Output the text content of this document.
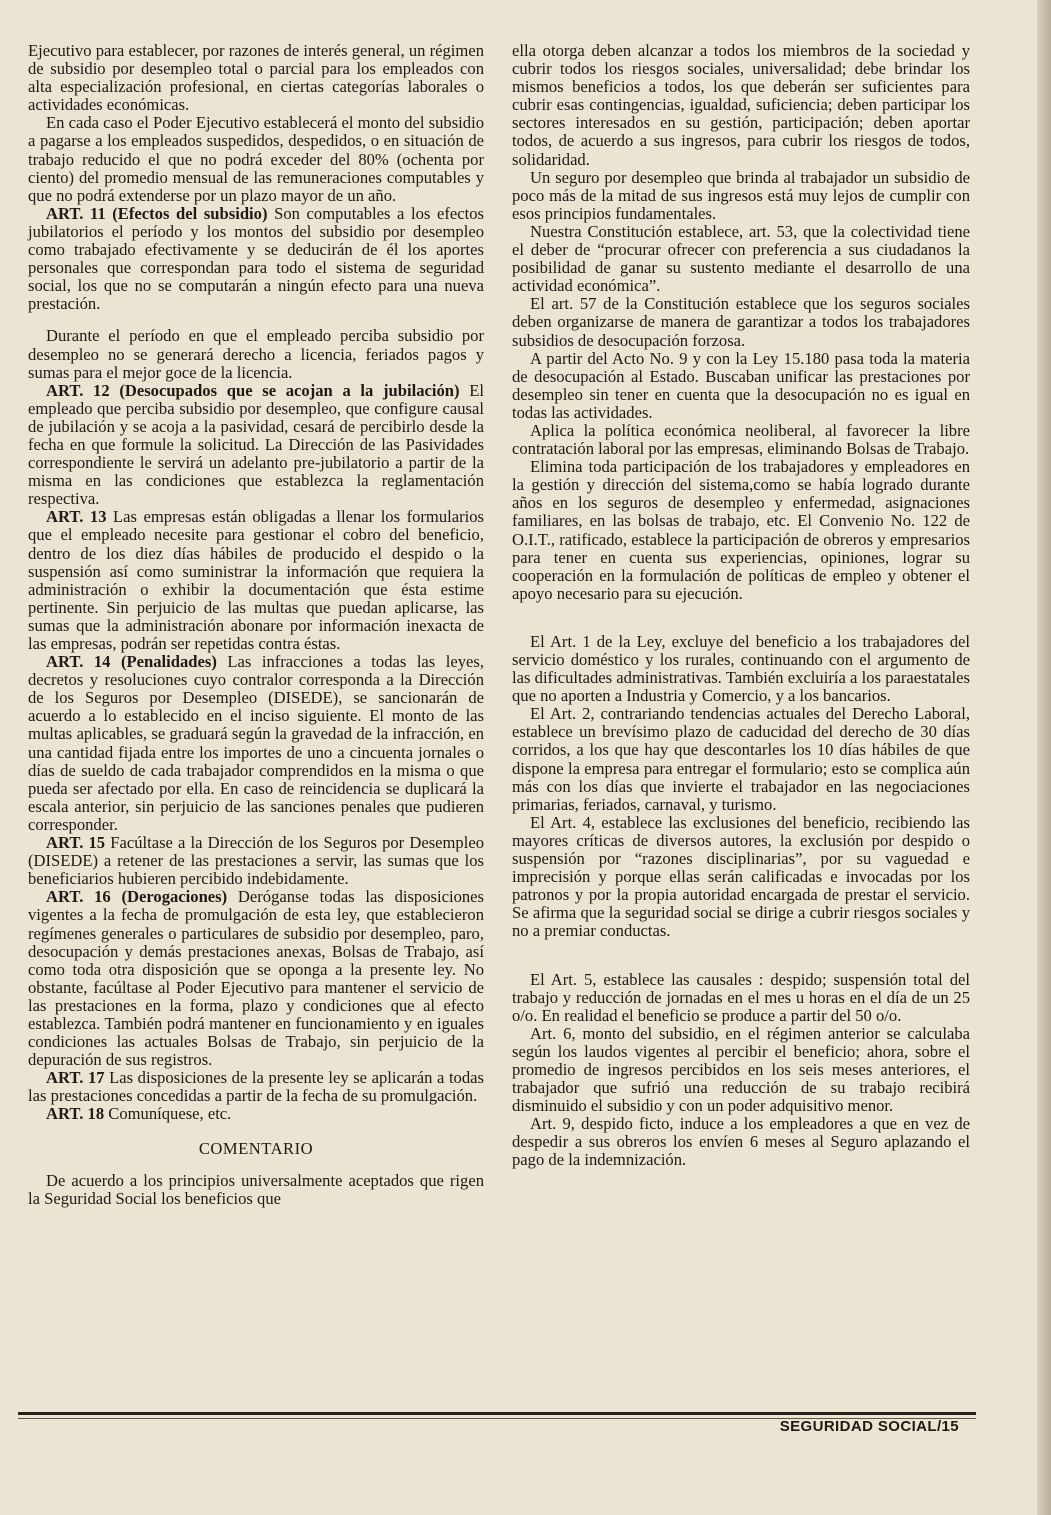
Ejecutivo para establecer, por razones de interés general, un régimen de subsidio por desempleo total o parcial para los empleados con alta especialización profesional, en ciertas categorías laborales o actividades económicas.

En cada caso el Poder Ejecutivo establecerá el monto del subsidio a pagarse a los empleados suspedidos, despedidos, o en situación de trabajo reducido el que no podrá exceder del 80% (ochenta por ciento) del promedio mensual de las remuneraciones computables y que no podrá extenderse por un plazo mayor de un año.

ART. 11 (Efectos del subsidio) Son computables a los efectos jubilatorios el período y los montos del subsidio por desempleo como trabajado efectivamente y se deducirán de él los aportes personales que correspondan para todo el sistema de seguridad social, los que no se computarán a ningún efecto para una nueva prestación.

Durante el período en que el empleado perciba subsidio por desempleo no se generará derecho a licencia, feriados pagos y sumas para el mejor goce de la licencia.

ART. 12 (Desocupados que se acojan a la jubilación) El empleado que perciba subsidio por desempleo, que configure causal de jubilación y se acoja a la pasividad, cesará de percibirlo desde la fecha en que formule la solicitud. La Dirección de las Pasividades correspondiente le servirá un adelanto pre-jubilatorio a partir de la misma en las condiciones que establezca la reglamentación respectiva.

ART. 13 Las empresas están obligadas a llenar los formularios que el empleado necesite para gestionar el cobro del beneficio, dentro de los diez días hábiles de producido el despido o la suspensión así como suministrar la información que requiera la administración o exhibir la documentación que ésta estime pertinente. Sin perjuicio de las multas que puedan aplicarse, las sumas que la administración abonare por información inexacta de las empresas, podrán ser repetidas contra éstas.

ART. 14 (Penalidades) Las infracciones a todas las leyes, decretos y resoluciones cuyo contralor corresponda a la Dirección de los Seguros por Desempleo (DISEDE), se sancionarán de acuerdo a lo establecido en el inciso siguiente. El monto de las multas aplicables, se graduará según la gravedad de la infracción, en una cantidad fijada entre los importes de uno a cincuenta jornales o días de sueldo de cada trabajador comprendidos en la misma o que pueda ser afectado por ella. En caso de reincidencia se duplicará la escala anterior, sin perjuicio de las sanciones penales que pudieren corresponder.

ART. 15 Facúltase a la Dirección de los Seguros por Desempleo (DISEDE) a retener de las prestaciones a servir, las sumas que los beneficiarios hubieren percibido indebidamente.

ART. 16 (Derogaciones) Deróganse todas las disposiciones vigentes a la fecha de promulgación de esta ley, que establecieron regímenes generales o particulares de subsidio por desempleo, paro, desocupación y demás prestaciones anexas, Bolsas de Trabajo, así como toda otra disposición que se oponga a la presente ley. No obstante, facúltase al Poder Ejecutivo para mantener el servicio de las prestaciones en la forma, plazo y condiciones que al efecto establezca. También podrá mantener en funcionamiento y en iguales condiciones las actuales Bolsas de Trabajo, sin perjuicio de la depuración de sus registros.

ART. 17 Las disposiciones de la presente ley se aplicarán a todas las prestaciones concedidas a partir de la fecha de su promulgación.

ART. 18 Comuníquese, etc.

COMENTARIO

De acuerdo a los principios universalmente aceptados que rigen la Seguridad Social los beneficios que

ella otorga deben alcanzar a todos los miembros de la sociedad y cubrir todos los riesgos sociales, universalidad; debe brindar los mismos beneficios a todos, los que deberán ser suficientes para cubrir esas contingencias, igualdad, suficiencia; deben participar los sectores interesados en su gestión, participación; deben aportar todos, de acuerdo a sus ingresos, para cubrir los riesgos de todos, solidaridad.

Un seguro por desempleo que brinda al trabajador un subsidio de poco más de la mitad de sus ingresos está muy lejos de cumplir con esos principios fundamentales.

Nuestra Constitución establece, art. 53, que la colectividad tiene el deber de “procurar ofrecer con preferencia a sus ciudadanos la posibilidad de ganar su sustento mediante el desarrollo de una actividad económica”.

El art. 57 de la Constitución establece que los seguros sociales deben organizarse de manera de garantizar a todos los trabajadores subsidios de desocupación forzosa.

A partir del Acto No. 9 y con la Ley 15.180 pasa toda la materia de desocupación al Estado. Buscaban unificar las prestaciones por desempleo sin tener en cuenta que la desocupación no es igual en todas las actividades.

Aplica la política económica neoliberal, al favorecer la libre contratación laboral por las empresas, eliminando Bolsas de Trabajo.

Elimina toda participación de los trabajadores y empleadores en la gestión y dirección del sistema,como se había logrado durante años en los seguros de desempleo y enfermedad, asignaciones familiares, en las bolsas de trabajo, etc. El Convenio No. 122 de O.I.T., ratificado, establece la participación de obreros y empresarios para tener en cuenta sus experiencias, opiniones, lograr su cooperación en la formulación de políticas de empleo y obtener el apoyo necesario para su ejecución.

El Art. 1 de la Ley, excluye del beneficio a los trabajadores del servicio doméstico y los rurales, continuando con el argumento de las dificultades administrativas. También excluiría a los paraestatales que no aporten a Industria y Comercio, y a los bancarios.

El Art. 2, contrariando tendencias actuales del Derecho Laboral, establece un brevísimo plazo de caducidad del derecho de 30 días corridos, a los que hay que descontarles los 10 días hábiles de que dispone la empresa para entregar el formulario; esto se complica aún más con los días que invierte el trabajador en las negociaciones primarias, feriados, carnaval, y turismo.

El Art. 4, establece las exclusiones del beneficio, recibiendo las mayores críticas de diversos autores, la exclusión por despido o suspensión por “razones disciplinarias”, por su vaguedad e imprecisión y porque ellas serán calificadas e invocadas por los patronos y por la propia autoridad encargada de prestar el servicio. Se afirma que la seguridad social se dirige a cubrir riesgos sociales y no a premiar conductas.

El Art. 5, establece las causales : despido; suspensión total del trabajo y reducción de jornadas en el mes u horas en el día de un 25 o/o. En realidad el beneficio se produce a partir del 50 o/o.

Art. 6, monto del subsidio, en el régimen anterior se calculaba según los laudos vigentes al percibir el beneficio; ahora, sobre el promedio de ingresos percibidos en los seis meses anteriores, el trabajador que sufrió una reducción de su trabajo recibirá disminuido el subsidio y con un poder adquisitivo menor.

Art. 9, despido ficto, induce a los empleadores a que en vez de despedir a sus obreros los envíen 6 meses al Seguro aplazando el pago de la indemnización.

SEGURIDAD SOCIAL/15
